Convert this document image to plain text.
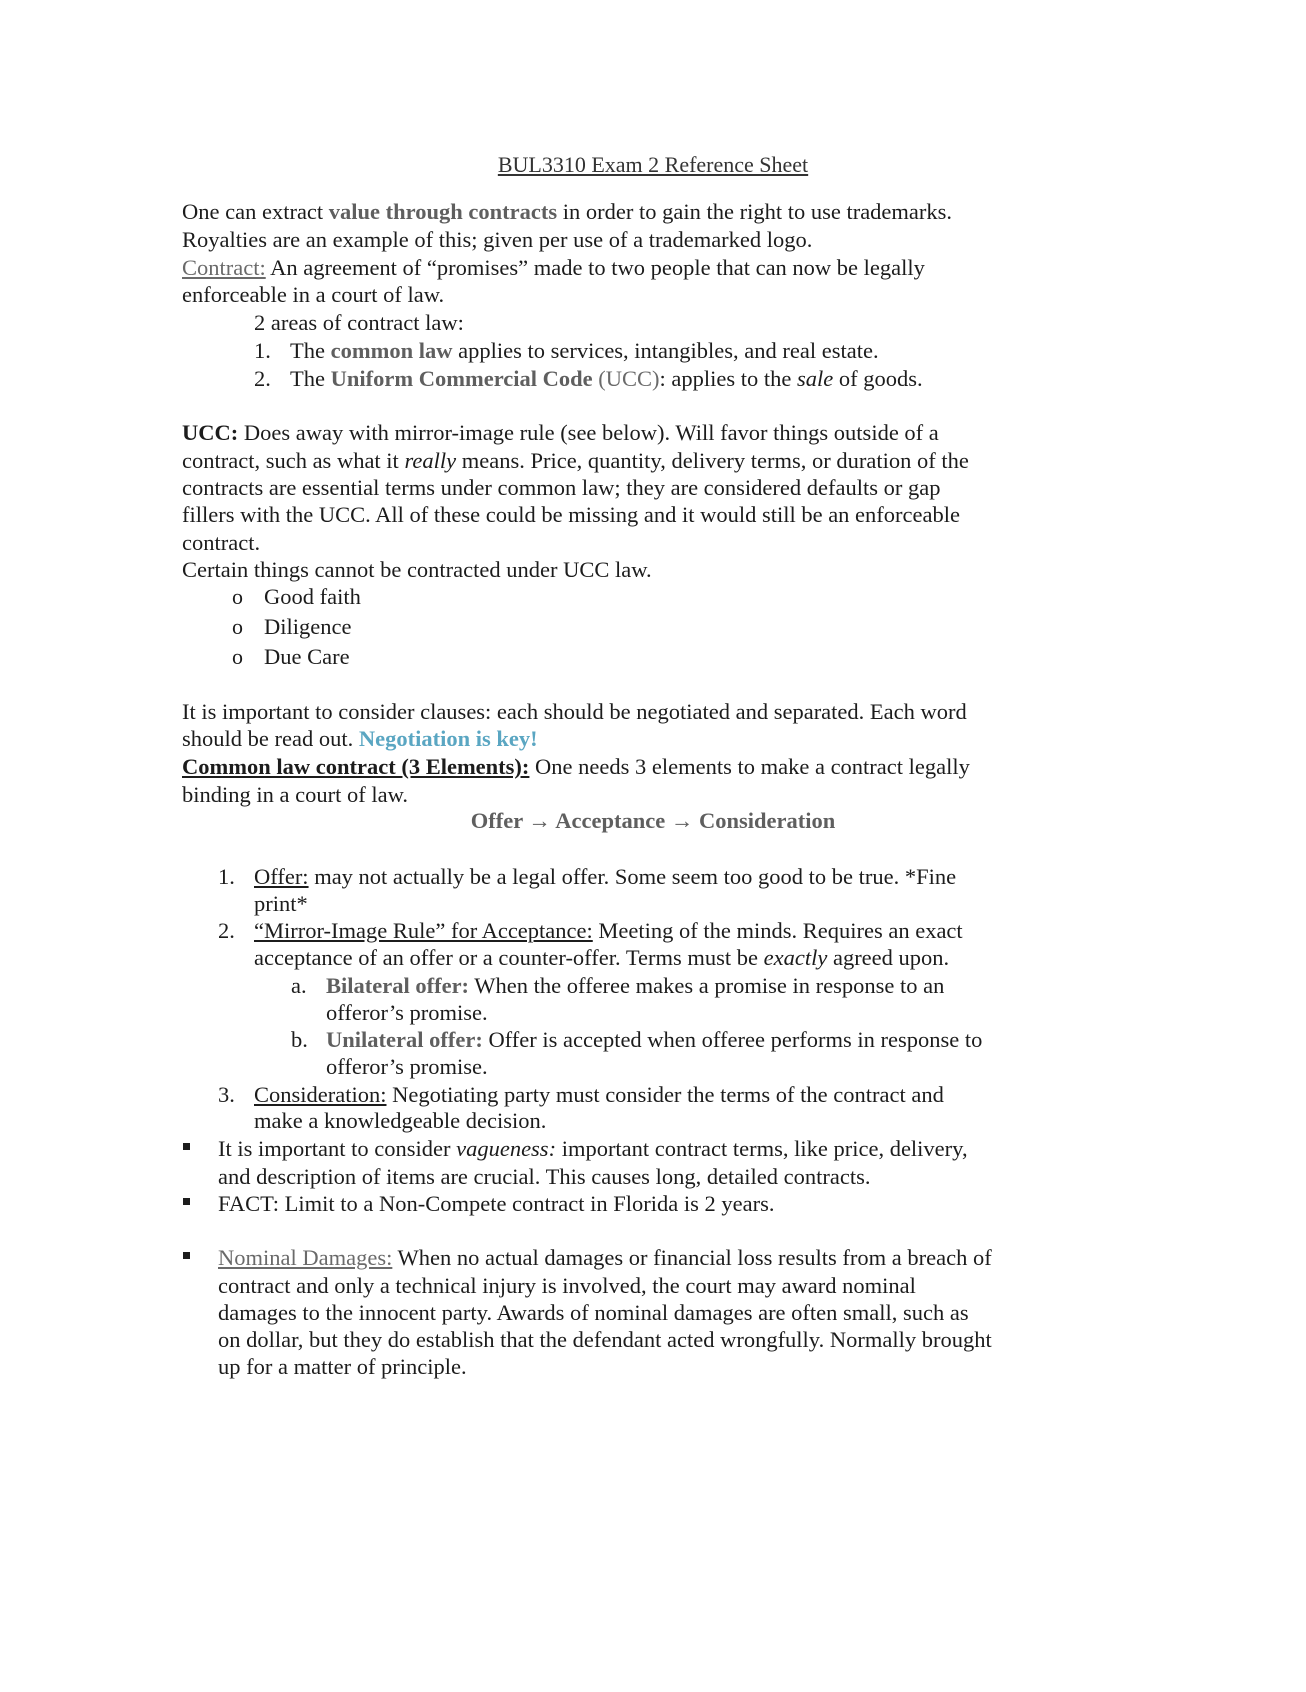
BUL3310 Exam 2 Reference Sheet
One can extract value through contracts in order to gain the right to use trademarks.
Royalties are an example of this; given per use of a trademarked logo.
Contract: An agreement of “promises” made to two people that can now be legally
enforceable in a court of law.
2 areas of contract law:
1. The common law applies to services, intangibles, and real estate.
2. The Uniform Commercial Code (UCC): applies to the sale of goods.
UCC: Does away with mirror-image rule (see below). Will favor things outside of a
contract, such as what it really means. Price, quantity, delivery terms, or duration of the
contracts are essential terms under common law; they are considered defaults or gap
fillers with the UCC. All of these could be missing and it would still be an enforceable
contract.
Certain things cannot be contracted under UCC law.
o Good faith
o Diligence
o Due Care
It is important to consider clauses: each should be negotiated and separated. Each word
should be read out. Negotiation is key!
Common law contract (3 Elements): One needs 3 elements to make a contract legally
binding in a court of law.
Offer → Acceptance → Consideration
1. Offer: may not actually be a legal offer. Some seem too good to be true. *Fine
print*
2. “Mirror-Image Rule” for Acceptance: Meeting of the minds. Requires an exact
acceptance of an offer or a counter-offer. Terms must be exactly agreed upon.
a. Bilateral offer: When the offeree makes a promise in response to an
offeror’s promise.
b. Unilateral offer: Offer is accepted when offeree performs in response to
offeror’s promise.
3. Consideration: Negotiating party must consider the terms of the contract and
make a knowledgeable decision.
It is important to consider vagueness: important contract terms, like price, delivery,
and description of items are crucial. This causes long, detailed contracts.
FACT: Limit to a Non-Compete contract in Florida is 2 years.
Nominal Damages: When no actual damages or financial loss results from a breach of
contract and only a technical injury is involved, the court may award nominal
damages to the innocent party. Awards of nominal damages are often small, such as
on dollar, but they do establish that the defendant acted wrongfully. Normally brought
up for a matter of principle.
